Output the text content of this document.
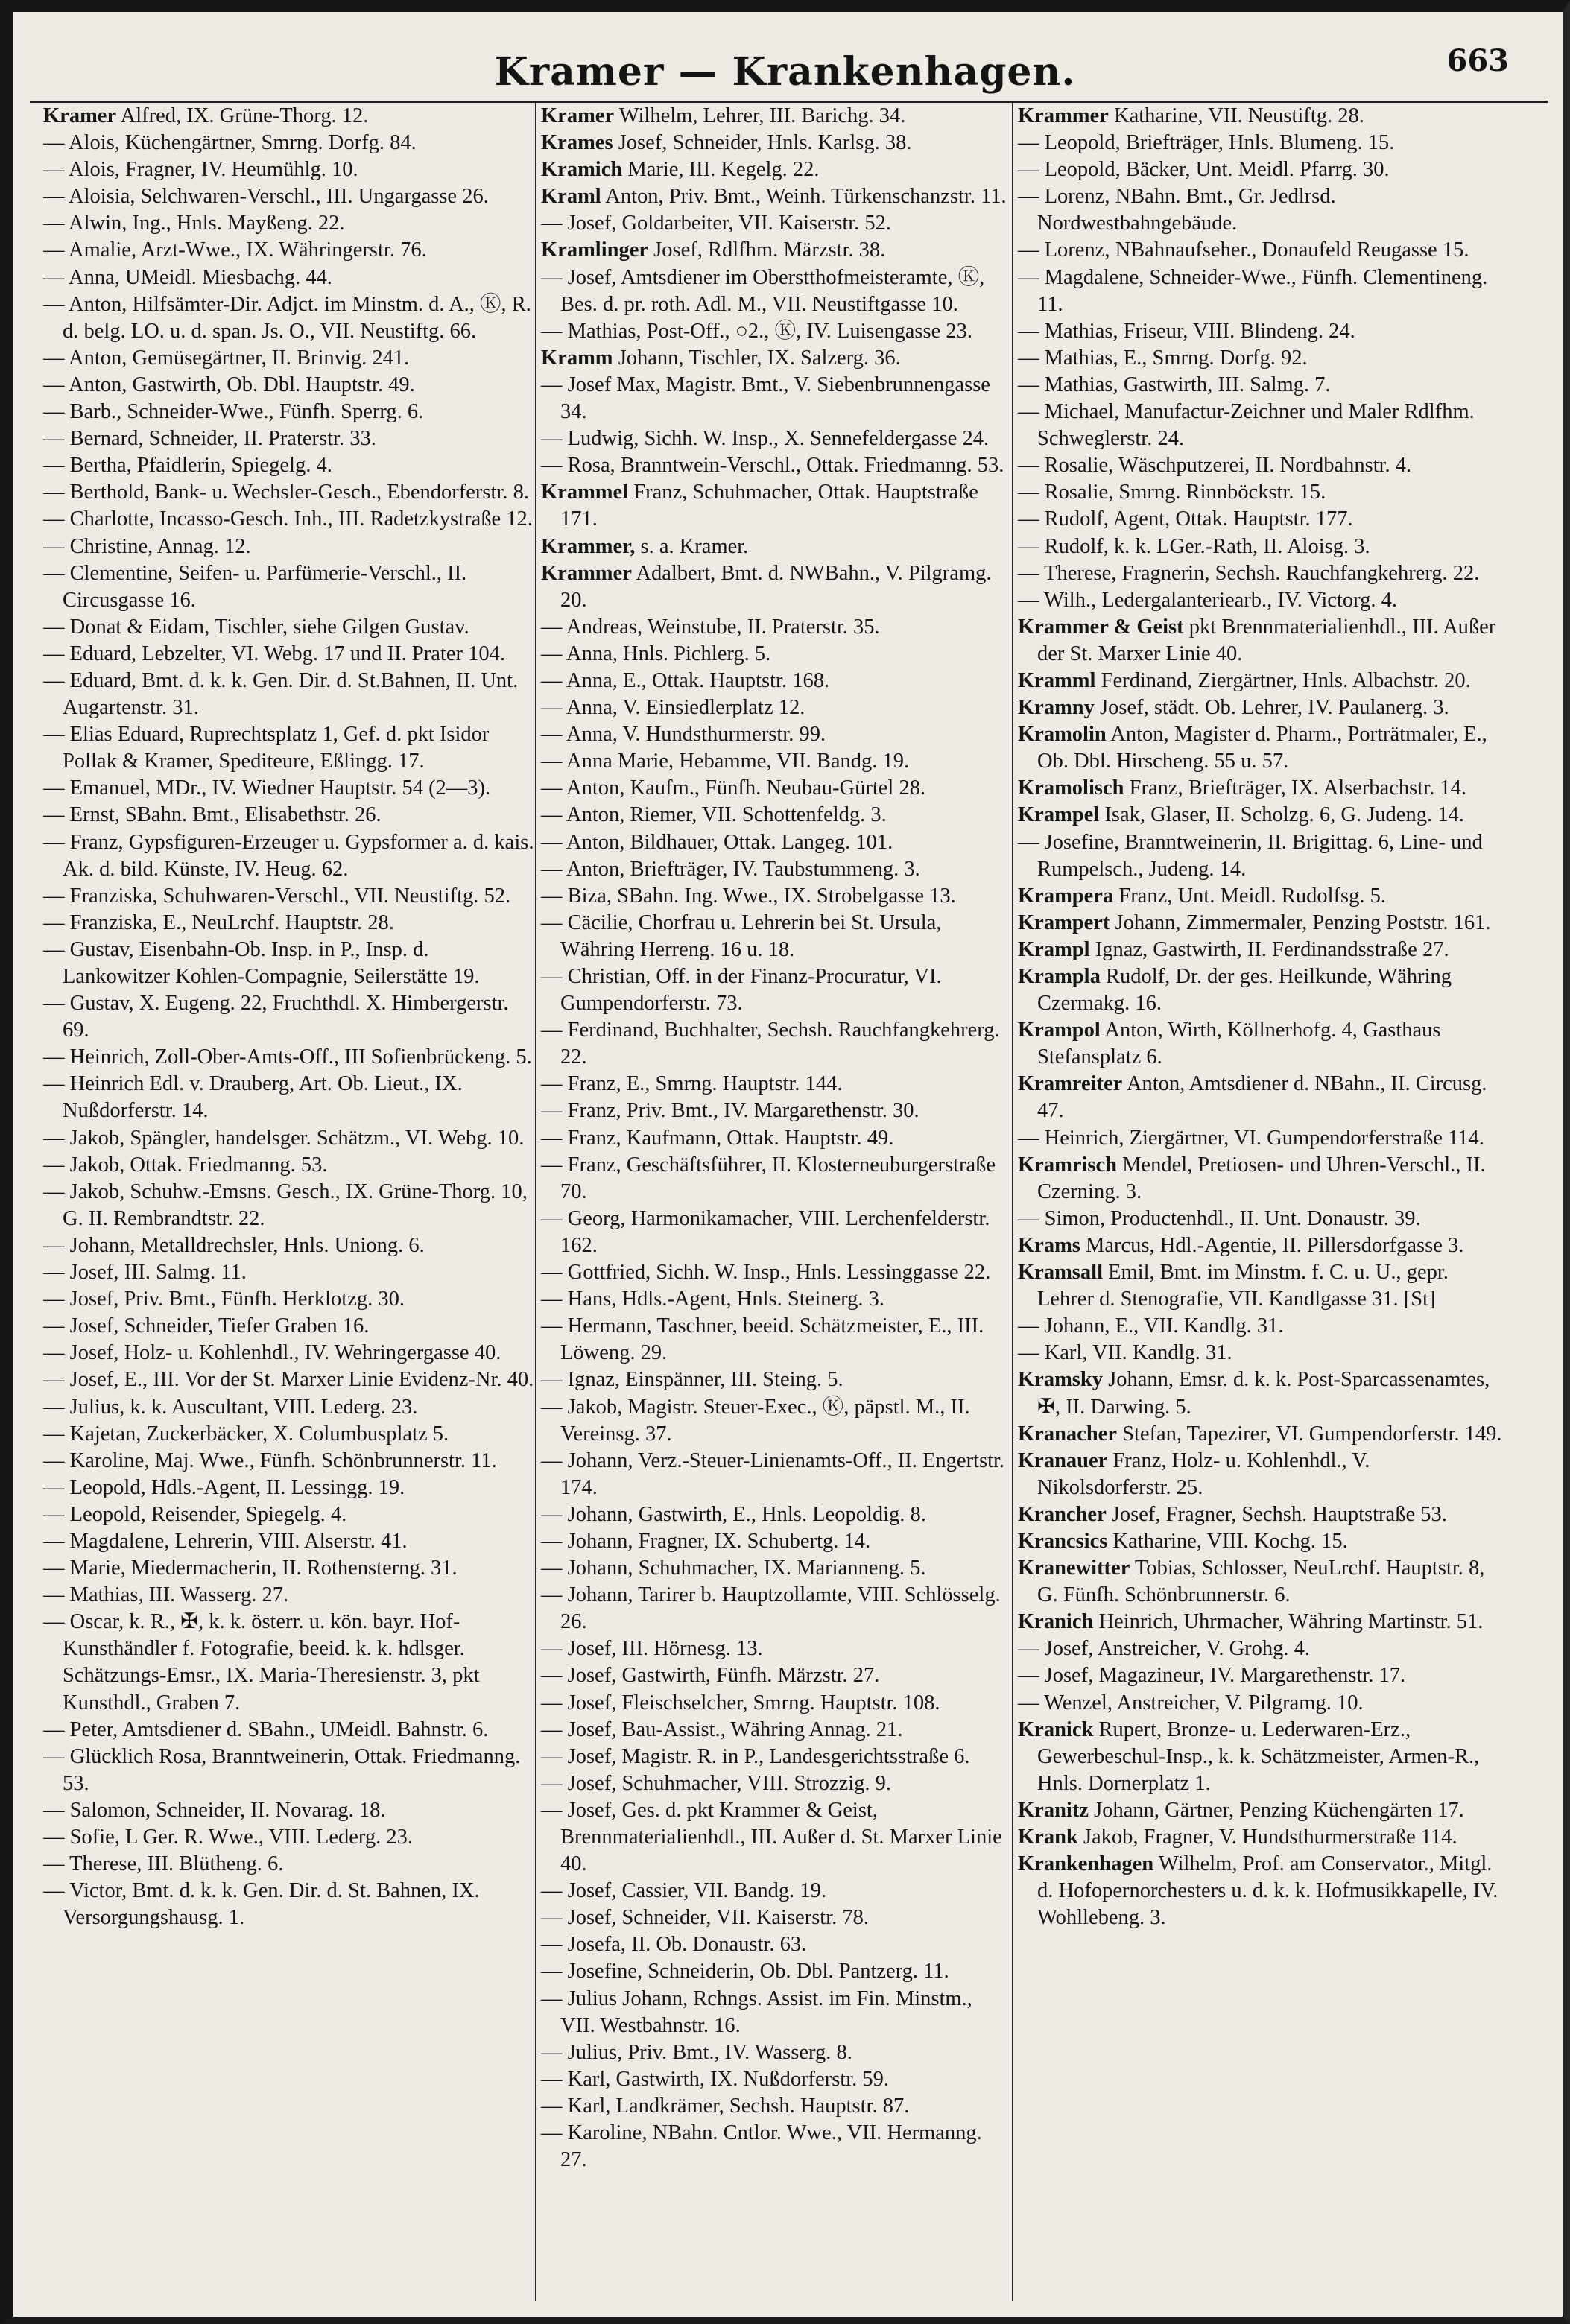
Kramer — Krankenhagen.	663

Kramer Alfred, IX. Grüne-Thorg. 12.

— Alois, Küchengärtner, Smrng. Dorfg. 84.

— Alois, Fragner, IV. Heumühlg. 10.

— Aloisia, Selchwaren-Verschl., III. Ungargasse 26.

— Alwin, Ing., Hnls. Mayßeng. 22.

— Amalie, Arzt-Wwe., IX. Währingerstr. 76.

— Anna, UMeidl. Miesbachg. 44.

— Anton, Hilfsämter-Dir. Adjct. im Minstm. d. A., Ⓚ, R. d. belg. LO. u. d. span. Js. O., VII. Neustiftg. 66.

— Anton, Gemüsegärtner, II. Brinvig. 241.

— Anton, Gastwirth, Ob. Dbl. Hauptstr. 49.

— Barb., Schneider-Wwe., Fünfh. Sperrg. 6.

— Bernard, Schneider, II. Praterstr. 33.

— Bertha, Pfaidlerin, Spiegelg. 4.

— Berthold, Bank- u. Wechsler-Gesch., Ebendorferstr. 8.

— Charlotte, Incasso-Gesch. Inh., III. Radetzkystraße 12.

— Christine, Annag. 12.

— Clementine, Seifen- u. Parfümerie-Verschl., II. Circusgasse 16.

— Donat & Eidam, Tischler, siehe Gilgen Gustav.

— Eduard, Lebzelter, VI. Webg. 17 und II. Prater 104.

— Eduard, Bmt. d. k. k. Gen. Dir. d. St.Bahnen, II. Unt. Augartenstr. 31.

— Elias Eduard, Ruprechtsplatz 1, Gef. d. pkt Isidor Pollak & Kramer, Spediteure, Eßlingg. 17.

— Emanuel, MDr., IV. Wiedner Hauptstr. 54 (2—3).

— Ernst, SBahn. Bmt., Elisabethstr. 26.

— Franz, Gypsfiguren-Erzeuger u. Gypsformer a. d. kais. Ak. d. bild. Künste, IV. Heug. 62.

— Franziska, Schuhwaren-Verschl., VII. Neustiftg. 52.

— Franziska, E., NeuLrchf. Hauptstr. 28.

— Gustav, Eisenbahn-Ob. Insp. in P., Insp. d. Lankowitzer Kohlen-Compagnie, Seilerstätte 19.

— Gustav, X. Eugeng. 22, Fruchthdl. X. Himbergerstr. 69.

— Heinrich, Zoll-Ober-Amts-Off., III Sofienbrückeng. 5.

— Heinrich Edl. v. Drauberg, Art. Ob. Lieut., IX. Nußdorferstr. 14.

— Jakob, Spängler, handelsger. Schätzm., VI. Webg. 10.

— Jakob, Ottak. Friedmanng. 53.

— Jakob, Schuhw.-Emsns. Gesch., IX. Grüne-Thorg. 10, G. II. Rembrandtstr. 22.

— Johann, Metalldrechsler, Hnls. Uniong. 6.

— Josef, III. Salmg. 11.

— Josef, Priv. Bmt., Fünfh. Herklotzg. 30.

— Josef, Schneider, Tiefer Graben 16.

— Josef, Holz- u. Kohlenhdl., IV. Wehringergasse 40.

— Josef, E., III. Vor der St. Marxer Linie Evidenz-Nr. 40.

— Julius, k. k. Auscultant, VIII. Lederg. 23.

— Kajetan, Zuckerbäcker, X. Columbusplatz 5.

— Karoline, Maj. Wwe., Fünfh. Schönbrunnerstr. 11.

— Leopold, Hdls.-Agent, II. Lessingg. 19.

— Leopold, Reisender, Spiegelg. 4.

— Magdalene, Lehrerin, VIII. Alserstr. 41.

— Marie, Miedermacherin, II. Rothensterng. 31.

— Mathias, III. Wasserg. 27.

— Oscar, k. R., ✠, k. k. österr. u. kön. bayr. Hof-Kunsthändler f. Fotografie, beeid. k. k. hdlsger. Schätzungs-Emsr., IX. Maria-Theresienstr. 3, pkt Kunsthdl., Graben 7.

— Peter, Amtsdiener d. SBahn., UMeidl. Bahnstr. 6.

— Glücklich Rosa, Branntweinerin, Ottak. Friedmanng. 53.

— Salomon, Schneider, II. Novarag. 18.

— Sofie, L Ger. R. Wwe., VIII. Lederg. 23.

— Therese, III. Blütheng. 6.

— Victor, Bmt. d. k. k. Gen. Dir. d. St. Bahnen, IX. Versorgungshausg. 1.

Kramer Wilhelm, Lehrer, III. Barichg. 34.

Krames Josef, Schneider, Hnls. Karlsg. 38.

Kramich Marie, III. Kegelg. 22.

Kraml Anton, Priv. Bmt., Weinh. Türkenschanzstr. 11.

— Josef, Goldarbeiter, VII. Kaiserstr. 52.

Kramlinger Josef, Rdlfhm. Märzstr. 38.

— Josef, Amtsdiener im Oberstthofmeisteramte, Ⓚ, Bes. d. pr. roth. Adl. M., VII. Neustiftgasse 10.

— Mathias, Post-Off., ○2., Ⓚ, IV. Luisengasse 23.

Kramm Johann, Tischler, IX. Salzerg. 36.

— Josef Max, Magistr. Bmt., V. Siebenbrunnengasse 34.

— Ludwig, Sichh. W. Insp., X. Sennefeldergasse 24.

— Rosa, Branntwein-Verschl., Ottak. Friedmanng. 53.

Krammel Franz, Schuhmacher, Ottak. Hauptstraße 171.

Krammer, s. a. Kramer.

Krammer Adalbert, Bmt. d. NWBahn., V. Pilgramg. 20.

— Andreas, Weinstube, II. Praterstr. 35.

— Anna, Hnls. Pichlerg. 5.

— Anna, E., Ottak. Hauptstr. 168.

— Anna, V. Einsiedlerplatz 12.

— Anna, V. Hundsthurmerstr. 99.

— Anna Marie, Hebamme, VII. Bandg. 19.

— Anton, Kaufm., Fünfh. Neubau-Gürtel 28.

— Anton, Riemer, VII. Schottenfeldg. 3.

— Anton, Bildhauer, Ottak. Langeg. 101.

— Anton, Briefträger, IV. Taubstummeng. 3.

— Biza, SBahn. Ing. Wwe., IX. Strobelgasse 13.

— Cäcilie, Chorfrau u. Lehrerin bei St. Ursula, Währing Herreng. 16 u. 18.

— Christian, Off. in der Finanz-Procuratur, VI. Gumpendorferstr. 73.

— Ferdinand, Buchhalter, Sechsh. Rauchfangkehrerg. 22.

— Franz, E., Smrng. Hauptstr. 144.

— Franz, Priv. Bmt., IV. Margarethenstr. 30.

— Franz, Kaufmann, Ottak. Hauptstr. 49.

— Franz, Geschäftsführer, II. Klosterneuburgerstraße 70.

— Georg, Harmonikamacher, VIII. Lerchenfelderstr. 162.

— Gottfried, Sichh. W. Insp., Hnls. Lessinggasse 22.

— Hans, Hdls.-Agent, Hnls. Steinerg. 3.

— Hermann, Taschner, beeid. Schätzmeister, E., III. Löweng. 29.

— Ignaz, Einspänner, III. Steing. 5.

— Jakob, Magistr. Steuer-Exec., Ⓚ, päpstl. M., II. Vereinsg. 37.

— Johann, Verz.-Steuer-Linienamts-Off., II. Engertstr. 174.

— Johann, Gastwirth, E., Hnls. Leopoldig. 8.

— Johann, Fragner, IX. Schubertg. 14.

— Johann, Schuhmacher, IX. Marianneng. 5.

— Johann, Tarirer b. Hauptzollamte, VIII. Schlösselg. 26.

— Josef, III. Hörnesg. 13.

— Josef, Gastwirth, Fünfh. Märzstr. 27.

— Josef, Fleischselcher, Smrng. Hauptstr. 108.

— Josef, Bau-Assist., Währing Annag. 21.

— Josef, Magistr. R. in P., Landesgerichtsstraße 6.

— Josef, Schuhmacher, VIII. Strozzig. 9.

— Josef, Ges. d. pkt Krammer & Geist, Brennmaterialienhdl., III. Außer d. St. Marxer Linie 40.

— Josef, Cassier, VII. Bandg. 19.

— Josef, Schneider, VII. Kaiserstr. 78.

— Josefa, II. Ob. Donaustr. 63.

— Josefine, Schneiderin, Ob. Dbl. Pantzerg. 11.

— Julius Johann, Rchngs. Assist. im Fin. Minstm., VII. Westbahnstr. 16.

— Julius, Priv. Bmt., IV. Wasserg. 8.

— Karl, Gastwirth, IX. Nußdorferstr. 59.

— Karl, Landkrämer, Sechsh. Hauptstr. 87.

— Karoline, NBahn. Cntlor. Wwe., VII. Hermanng. 27.

Krammer Katharine, VII. Neustiftg. 28.

— Leopold, Briefträger, Hnls. Blumeng. 15.

— Leopold, Bäcker, Unt. Meidl. Pfarrg. 30.

— Lorenz, NBahn. Bmt., Gr. Jedlrsd. Nordwestbahngebäude.

— Lorenz, NBahnaufseher., Donaufeld Reugasse 15.

— Magdalene, Schneider-Wwe., Fünfh. Clementineng. 11.

— Mathias, Friseur, VIII. Blindeng. 24.

— Mathias, E., Smrng. Dorfg. 92.

— Mathias, Gastwirth, III. Salmg. 7.

— Michael, Manufactur-Zeichner und Maler Rdlfhm. Schweglerstr. 24.

— Rosalie, Wäschputzerei, II. Nordbahnstr. 4.

— Rosalie, Smrng. Rinnböckstr. 15.

— Rudolf, Agent, Ottak. Hauptstr. 177.

— Rudolf, k. k. LGer.-Rath, II. Aloisg. 3.

— Therese, Fragnerin, Sechsh. Rauchfangkehrerg. 22.

— Wilh., Ledergalanteriearb., IV. Victorg. 4.

Krammer & Geist pkt Brennmaterialienhdl., III. Außer der St. Marxer Linie 40.

Kramml Ferdinand, Ziergärtner, Hnls. Albachstr. 20.

Kramny Josef, städt. Ob. Lehrer, IV. Paulanerg. 3.

Kramolin Anton, Magister d. Pharm., Porträtmaler, E., Ob. Dbl. Hirscheng. 55 u. 57.

Kramolisch Franz, Briefträger, IX. Alserbachstr. 14.

Krampel Isak, Glaser, II. Scholzg. 6, G. Judeng. 14.

— Josefine, Branntweinerin, II. Brigittag. 6, Line- und Rumpelsch., Judeng. 14.

Krampera Franz, Unt. Meidl. Rudolfsg. 5.

Krampert Johann, Zimmermaler, Penzing Poststr. 161.

Krampl Ignaz, Gastwirth, II. Ferdinandsstraße 27.

Krampla Rudolf, Dr. der ges. Heilkunde, Währing Czermakg. 16.

Krampol Anton, Wirth, Köllnerhofg. 4, Gasthaus Stefansplatz 6.

Kramreiter Anton, Amtsdiener d. NBahn., II. Circusg. 47.

— Heinrich, Ziergärtner, VI. Gumpendorferstraße 114.

Kramrisch Mendel, Pretiosen- und Uhren-Verschl., II. Czerning. 3.

— Simon, Productenhdl., II. Unt. Donaustr. 39.

Krams Marcus, Hdl.-Agentie, II. Pillersdorfgasse 3.

Kramsall Emil, Bmt. im Minstm. f. C. u. U., gepr. Lehrer d. Stenografie, VII. Kandlgasse 31. [St]

— Johann, E., VII. Kandlg. 31.

— Karl, VII. Kandlg. 31.

Kramsky Johann, Emsr. d. k. k. Post-Sparcassenamtes, ✠, II. Darwing. 5.

Kranacher Stefan, Tapezirer, VI. Gumpendorferstr. 149.

Kranauer Franz, Holz- u. Kohlenhdl., V. Nikolsdorferstr. 25.

Krancher Josef, Fragner, Sechsh. Hauptstraße 53.

Krancsics Katharine, VIII. Kochg. 15.

Kranewitter Tobias, Schlosser, NeuLrchf. Hauptstr. 8, G. Fünfh. Schönbrunnerstr. 6.

Kranich Heinrich, Uhrmacher, Währing Martinstr. 51.

— Josef, Anstreicher, V. Grohg. 4.

— Josef, Magazineur, IV. Margarethenstr. 17.

— Wenzel, Anstreicher, V. Pilgramg. 10.

Kranick Rupert, Bronze- u. Lederwaren-Erz., Gewerbeschul-Insp., k. k. Schätzmeister, Armen-R., Hnls. Dornerplatz 1.

Kranitz Johann, Gärtner, Penzing Küchengärten 17.

Krank Jakob, Fragner, V. Hundsthurmerstraße 114.

Krankenhagen Wilhelm, Prof. am Conservator., Mitgl. d. Hofopernorchesters u. d. k. k. Hofmusikkapelle, IV. Wohllebeng. 3.
